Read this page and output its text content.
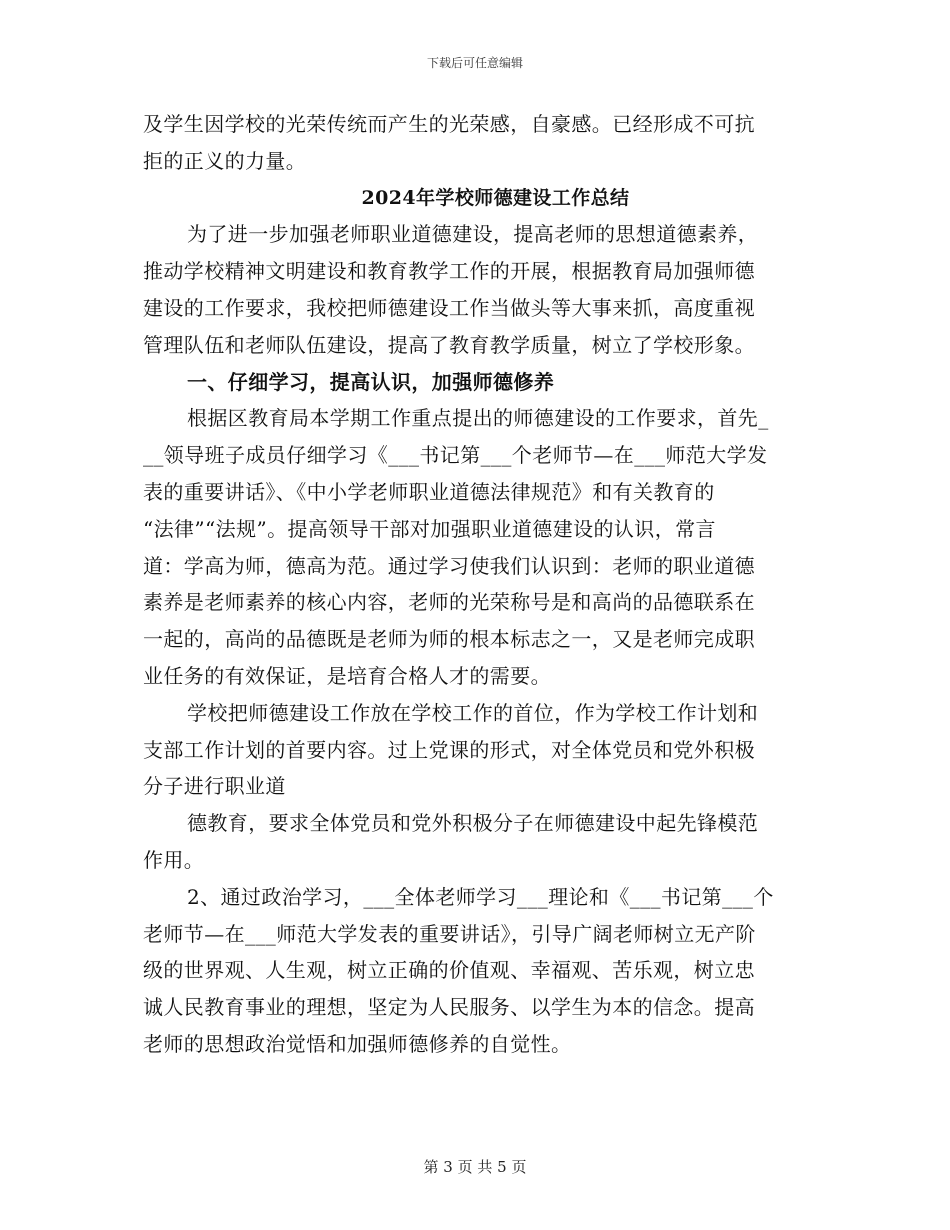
下载后可任意编辑
及学生因学校的光荣传统而产生的光荣感，自豪感。已经形成不可抗
拒的正义的力量。
2024年学校师德建设工作总结
为了进一步加强老师职业道德建设，提高老师的思想道德素养，
推动学校精神文明建设和教育教学工作的开展，根据教育局加强师德
建设的工作要求，我校把师德建设工作当做头等大事来抓，高度重视
管理队伍和老师队伍建设，提高了教育教学质量，树立了学校形象。
一、仔细学习，提高认识，加强师德修养
根据区教育局本学期工作重点提出的师德建设的工作要求，首先_
__领导班子成员仔细学习《___书记第___个老师节—在___师范大学发
表的重要讲话》、《中小学老师职业道德法律规范》和有关教育的
“法律”“法规”。提高领导干部对加强职业道德建设的认识，常言
道：学高为师，德高为范。通过学习使我们认识到：老师的职业道德
素养是老师素养的核心内容，老师的光荣称号是和高尚的品德联系在
一起的，高尚的品德既是老师为师的根本标志之一，又是老师完成职
业任务的有效保证，是培育合格人才的需要。
学校把师德建设工作放在学校工作的首位，作为学校工作计划和
支部工作计划的首要内容。过上党课的形式，对全体党员和党外积极
分子进行职业道
德教育，要求全体党员和党外积极分子在师德建设中起先锋模范
作用。
2、通过政治学习，___全体老师学习___理论和《___书记第___个
老师节—在___师范大学发表的重要讲话》，引导广阔老师树立无产阶
级的世界观、人生观，树立正确的价值观、幸福观、苦乐观，树立忠
诚人民教育事业的理想，坚定为人民服务、以学生为本的信念。提高
老师的思想政治觉悟和加强师德修养的自觉性。
第 3 页 共 5 页
